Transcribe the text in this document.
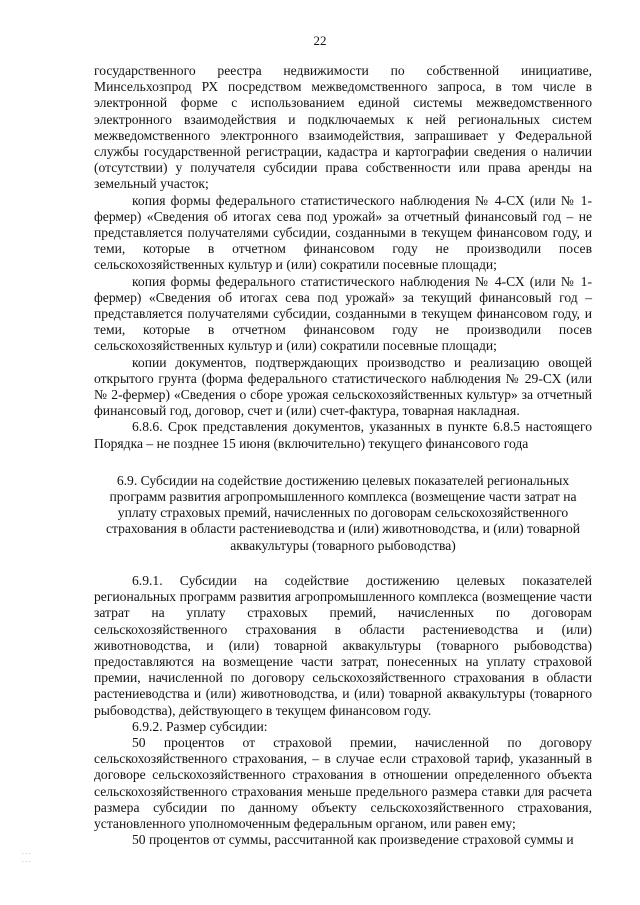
22

государственного реестра недвижимости по собственной инициативе, Минсельхозпрод РХ посредством межведомственного запроса, в том числе в электронной форме с использованием единой системы межведомственного электронного взаимодействия и подключаемых к ней региональных систем межведомственного электронного взаимодействия, запрашивает у Федеральной службы государственной регистрации, кадастра и картографии сведения о наличии (отсутствии) у получателя субсидии права собственности или права аренды на земельный участок;

копия формы федерального статистического наблюдения № 4-СХ (или № 1-фермер) «Сведения об итогах сева под урожай» за отчетный финансовый год – не представляется получателями субсидии, созданными в текущем финансовом году, и теми, которые в отчетном финансовом году не производили посев сельскохозяйственных культур и (или) сократили посевные площади;

копия формы федерального статистического наблюдения № 4-СХ (или № 1-фермер) «Сведения об итогах сева под урожай» за текущий финансовый год – представляется получателями субсидии, созданными в текущем финансовом году, и теми, которые в отчетном финансовом году не производили посев сельскохозяйственных культур и (или) сократили посевные площади;

копии документов, подтверждающих производство и реализацию овощей открытого грунта (форма федерального статистического наблюдения № 29-СХ (или № 2-фермер) «Сведения о сборе урожая сельскохозяйственных культур» за отчетный финансовый год, договор, счет и (или) счет-фактура, товарная накладная.

6.8.6. Срок представления документов, указанных в пункте 6.8.5 настоящего Порядка – не позднее 15 июня (включительно) текущего финансового года

6.9. Субсидии на содействие достижению целевых показателей региональных программ развития агропромышленного комплекса (возмещение части затрат на уплату страховых премий, начисленных по договорам сельскохозяйственного страхования в области растениеводства и (или) животноводства, и (или) товарной аквакультуры (товарного рыбоводства)

6.9.1. Субсидии на содействие достижению целевых показателей региональных программ развития агропромышленного комплекса (возмещение части затрат на уплату страховых премий, начисленных по договорам сельскохозяйственного страхования в области растениеводства и (или) животноводства, и (или) товарной аквакультуры (товарного рыбоводства) предоставляются на возмещение части затрат, понесенных на уплату страховой премии, начисленной по договору сельскохозяйственного страхования в области растениеводства и (или) животноводства, и (или) товарной аквакультуры (товарного рыбоводства), действующего в текущем финансовом году.

6.9.2. Размер субсидии:

50 процентов от страховой премии, начисленной по договору сельскохозяйственного страхования, – в случае если страховой тариф, указанный в договоре сельскохозяйственного страхования в отношении определенного объекта сельскохозяйственного страхования меньше предельного размера ставки для расчета размера субсидии по данному объекту сельскохозяйственного страхования, установленного уполномоченным федеральным органом, или равен ему;

50 процентов от суммы, рассчитанной как произведение страховой суммы и

. . .
. . .
